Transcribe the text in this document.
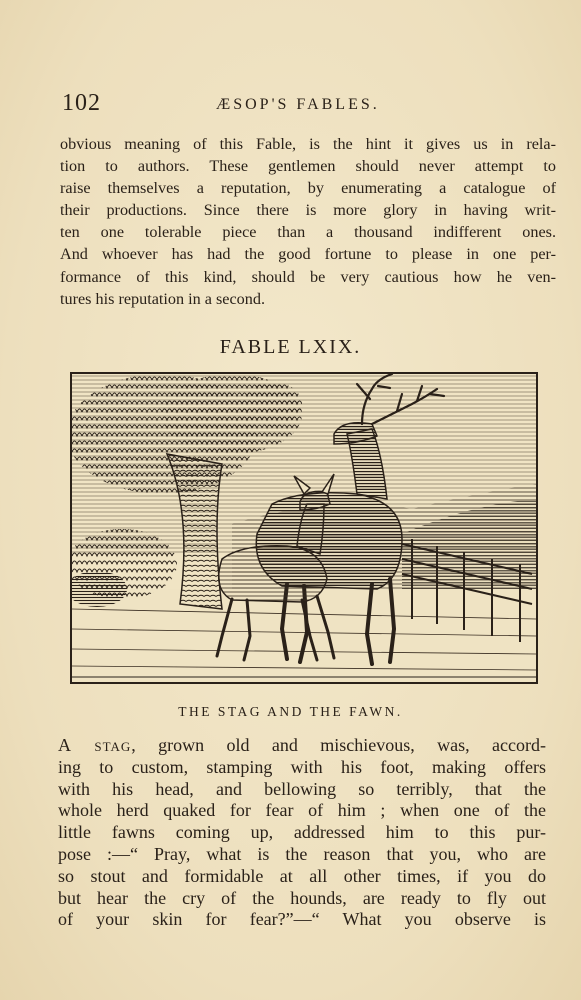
102	ÆSOP'S FABLES.
obvious meaning of this Fable, is the hint it gives us in rela-
tion to authors. These gentlemen should never attempt to
raise themselves a reputation, by enumerating a catalogue of
their productions. Since there is more glory in having writ-
ten one tolerable piece than a thousand indifferent ones.
And whoever has had the good fortune to please in one per-
formance of this kind, should be very cautious how he ven-
tures his reputation in a second.
FABLE LXIX.
THE STAG AND THE FAWN.
A stag, grown old and mischievous, was, accord-
ing to custom, stamping with his foot, making offers
with his head, and bellowing so terribly, that the
whole herd quaked for fear of him ; when one of the
little fawns coming up, addressed him to this pur-
pose :—“ Pray, what is the reason that you, who are
so stout and formidable at all other times, if you do
but hear the cry of the hounds, are ready to fly out
of your skin for fear?”—“ What you observe is
